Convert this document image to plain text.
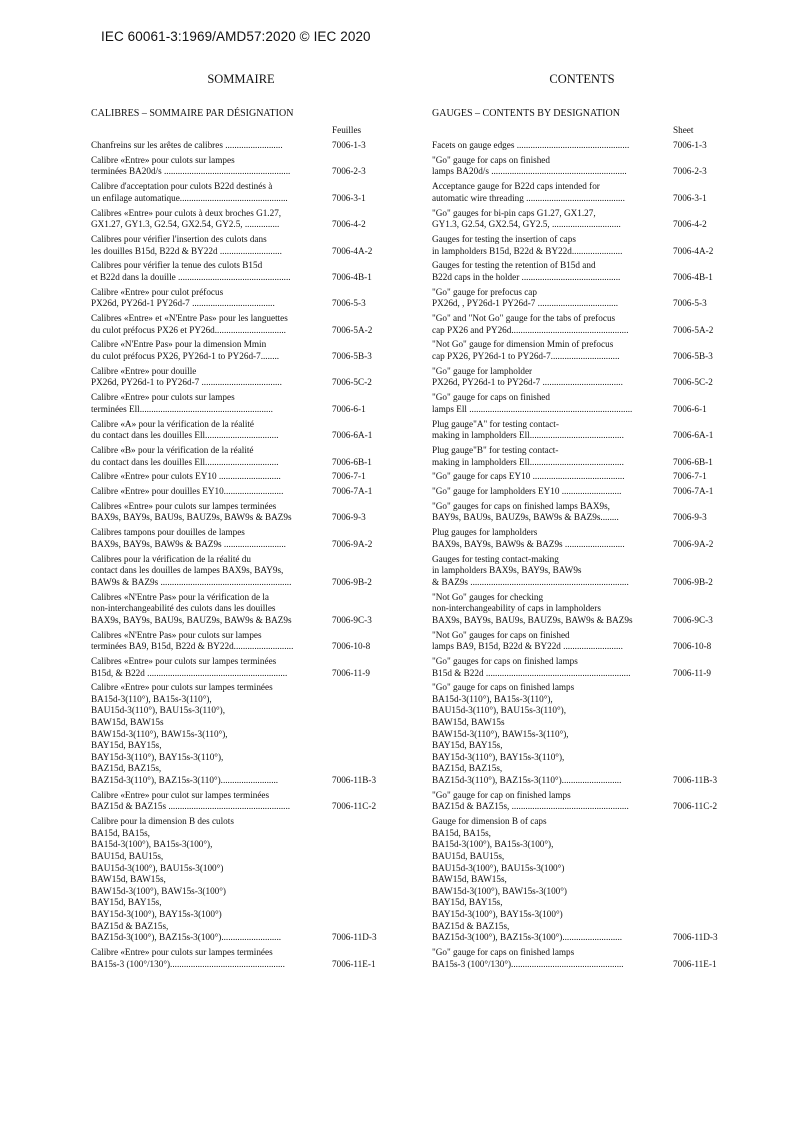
IEC 60061-3:1969/AMD57:2020 © IEC 2020
SOMMAIRE
CALIBRES – SOMMAIRE PAR DÉSIGNATION
Feuilles
Chanfreins sur les arêtes de calibres .........................	7006-1-3
Calibre «Entre» pour culots sur lampes
terminées BA20d/s .......................................................	7006-2-3
Calibre d'acceptation pour culots B22d destinés à
un enfilage automatique...............................................	7006-3-1
Calibres «Entre» pour culots à deux broches G1.27,
GX1.27, GY1.3, G2.54, GX2.54, GY2.5, ...............	7006-4-2
Calibres pour vérifier l'insertion des culots dans
les douilles B15d, B22d & BY22d ...........................	7006-4A-2
Calibres pour vérifier la tenue des culots B15d
et B22d dans la douille .................................................	7006-4B-1
Calibre «Entre» pour culot préfocus
PX26d, PY26d-1 PY26d-7 ....................................	7006-5-3
Calibres «Entre» et «N'Entre Pas» pour les languettes
du culot préfocus PX26 et PY26d...............................	7006-5A-2
Calibre «N'Entre Pas» pour la dimension Mmin
du culot préfocus PX26, PY26d-1 to PY26d-7........	7006-5B-3
Calibre «Entre» pour douille
PX26d, PY26d-1 to PY26d-7 ...................................	7006-5C-2
Calibre «Entre» pour culots sur lampes
terminées Ell..........................................................	7006-6-1
Calibre «A» pour la vérification de la réalité
du contact dans les douilles Ell................................	7006-6A-1
Calibre «B» pour la vérification de la réalité
du contact dans les douilles Ell................................	7006-6B-1
Calibre «Entre» pour culots EY10 ...........................	7006-7-1
Calibre «Entre» pour douilles EY10..........................	7006-7A-1
Calibres «Entre» pour culots sur lampes terminées
BAX9s, BAY9s, BAU9s, BAUZ9s, BAW9s & BAZ9s	7006-9-3
Calibres tampons pour douilles de lampes
BAX9s, BAY9s, BAW9s & BAZ9s ...........................	7006-9A-2
Calibres pour la vérification de la réalité du
contact dans les douilles de lampes BAX9s, BAY9s,
BAW9s & BAZ9s .........................................................	7006-9B-2
Calibres «N'Entre Pas» pour la vérification de la
non-interchangeabilité des culots dans les douilles
BAX9s, BAY9s, BAU9s, BAUZ9s, BAW9s & BAZ9s	7006-9C-3
Calibres «N'Entre Pas» pour culots sur lampes
terminées BA9, B15d, B22d & BY22d..........................	7006-10-8
Calibres «Entre» pour culots sur lampes terminées
B15d, & B22d .............................................................	7006-11-9
Calibre «Entre» pour culots sur lampes terminées
BA15d-3(110°), BA15s-3(110°),
BAU15d-3(110°), BAU15s-3(110°),
BAW15d, BAW15s
BAW15d-3(110°), BAW15s-3(110°),
BAY15d, BAY15s,
BAY15d-3(110°), BAY15s-3(110°),
BAZ15d, BAZ15s,
BAZ15d-3(110°), BAZ15s-3(110°).........................	7006-11B-3
Calibre «Entre» pour culot sur lampes terminées
BAZ15d & BAZ15s .....................................................	7006-11C-2
Calibre pour la dimension B des culots
BA15d, BA15s,
BA15d-3(100°), BA15s-3(100°),
BAU15d, BAU15s,
BAU15d-3(100°), BAU15s-3(100°)
BAW15d, BAW15s,
BAW15d-3(100°), BAW15s-3(100°)
BAY15d, BAY15s,
BAY15d-3(100°), BAY15s-3(100°)
BAZ15d & BAZ15s,
BAZ15d-3(100°), BAZ15s-3(100°)..........................	7006-11D-3
Calibre «Entre» pour culots sur lampes terminées
BA15s-3 (100°/130°)..................................................	7006-11E-1
CONTENTS
GAUGES – CONTENTS BY DESIGNATION
Sheet
Facets on gauge edges .................................................	7006-1-3
"Go" gauge for caps on finished
lamps BA20d/s ...........................................................	7006-2-3
Acceptance gauge for B22d caps intended for
automatic wire threading ...........................................	7006-3-1
"Go" gauges for bi-pin caps G1.27, GX1.27,
GY1.3, G2.54, GX2.54, GY2.5, ..............................	7006-4-2
Gauges for testing the insertion of caps
in lampholders B15d, B22d & BY22d......................	7006-4A-2
Gauges for testing the retention of B15d and
B22d caps in the holder ...........................................	7006-4B-1
"Go" gauge for prefocus cap
PX26d, , PY26d-1 PY26d-7 ...................................	7006-5-3
"Go" and "Not Go" gauge for the tabs of prefocus
cap PX26 and PY26d...................................................	7006-5A-2
"Not Go" gauge for dimension Mmin of prefocus
cap PX26, PY26d-1 to PY26d-7..............................	7006-5B-3
"Go" gauge for lampholder
PX26d, PY26d-1 to PY26d-7 ...................................	7006-5C-2
"Go" gauge for caps on finished
lamps Ell .......................................................................	7006-6-1
Plug gauge"A" for testing contact-
making in lampholders Ell.........................................	7006-6A-1
Plug gauge"B" for testing contact-
making in lampholders Ell.........................................	7006-6B-1
"Go" gauge for caps EY10 ........................................	7006-7-1
"Go" gauge for lampholders EY10 ..........................	7006-7A-1
"Go" gauges for caps on finished lamps BAX9s,
BAY9s, BAU9s, BAUZ9s, BAW9s & BAZ9s........	7006-9-3
Plug gauges for lampholders
BAX9s, BAY9s, BAW9s & BAZ9s ..........................	7006-9A-2
Gauges for testing contact-making
in lampholders BAX9s, BAY9s, BAW9s
& BAZ9s .....................................................................	7006-9B-2
"Not Go" gauges for checking
non-interchangeability of caps in lampholders
BAX9s, BAY9s, BAU9s, BAUZ9s, BAW9s & BAZ9s	7006-9C-3
"Not Go" gauges for caps on finished
lamps BA9, B15d, B22d & BY22d ..........................	7006-10-8
"Go" gauges for caps on finished lamps
B15d & B22d ...............................................................	7006-11-9
"Go" gauge for caps on finished lamps
BA15d-3(110°), BA15s-3(110°),
BAU15d-3(110°), BAU15s-3(110°),
BAW15d, BAW15s
BAW15d-3(110°), BAW15s-3(110°),
BAY15d, BAY15s,
BAY15d-3(110°), BAY15s-3(110°),
BAZ15d, BAZ15s,
BAZ15d-3(110°), BAZ15s-3(110°)..........................	7006-11B-3
"Go" gauge for cap on finished lamps
BAZ15d & BAZ15s, ...................................................	7006-11C-2
Gauge for dimension B of caps
BA15d, BA15s,
BA15d-3(100°), BA15s-3(100°),
BAU15d, BAU15s,
BAU15d-3(100°), BAU15s-3(100°)
BAW15d, BAW15s,
BAW15d-3(100°), BAW15s-3(100°)
BAY15d, BAY15s,
BAY15d-3(100°), BAY15s-3(100°)
BAZ15d & BAZ15s,
BAZ15d-3(100°), BAZ15s-3(100°)..........................	7006-11D-3
"Go" gauge for caps on finished lamps
BA15s-3 (100°/130°).................................................	7006-11E-1
